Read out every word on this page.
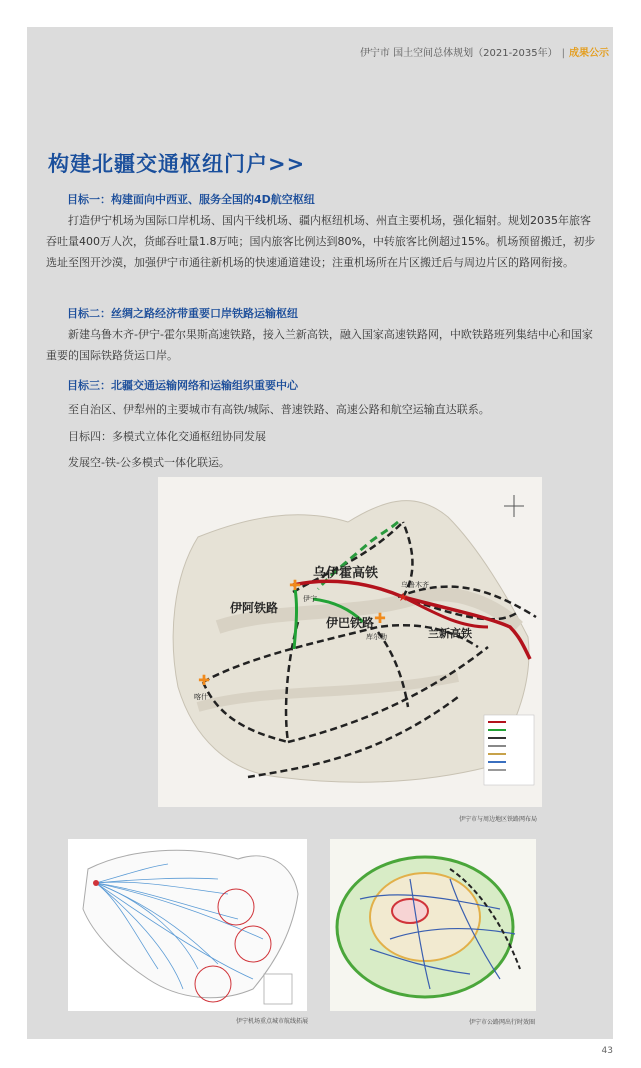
伊宁市 国土空间总体规划（2021-2035年） | 成果公示
构建北疆交通枢纽门户>>
目标一：构建面向中西亚、服务全国的4D航空枢纽
打造伊宁机场为国际口岸机场、国内干线机场、疆内枢纽机场、州直主要机场，强化辐射。规划2035年旅客吞吐量400万人次，货邮吞吐量1.8万吨；国内旅客比例达到80%，中转旅客比例超过15%。机场预留搬迁，初步选址至图开沙漠，加强伊宁市通往新机场的快速通道建设；注重机场所在片区搬迁后与周边片区的路网衔接。
目标二：丝绸之路经济带重要口岸铁路运输枢纽
新建乌鲁木齐-伊宁-霍尔果斯高速铁路，接入兰新高铁，融入国家高速铁路网，中欧铁路班列集结中心和国家重要的国际铁路货运口岸。
目标三：北疆交通运输网络和运输组织重要中心
至自治区、伊犁州的主要城市有高铁/城际、普速铁路、高速公路和航空运输直达联系。
目标四：多模式立体化交通枢纽协同发展
发展空-铁-公多模式一体化联运。
★
✚
✚
✚
乌伊霍高铁
乌鲁木齐
伊宁
伊阿铁路
伊巴铁路
兰新高铁
库尔勒
喀什
伊宁市与周边地区铁路网布局
伊宁机场重点城市航线拓展	伊宁市公路网出行时效圈
43
